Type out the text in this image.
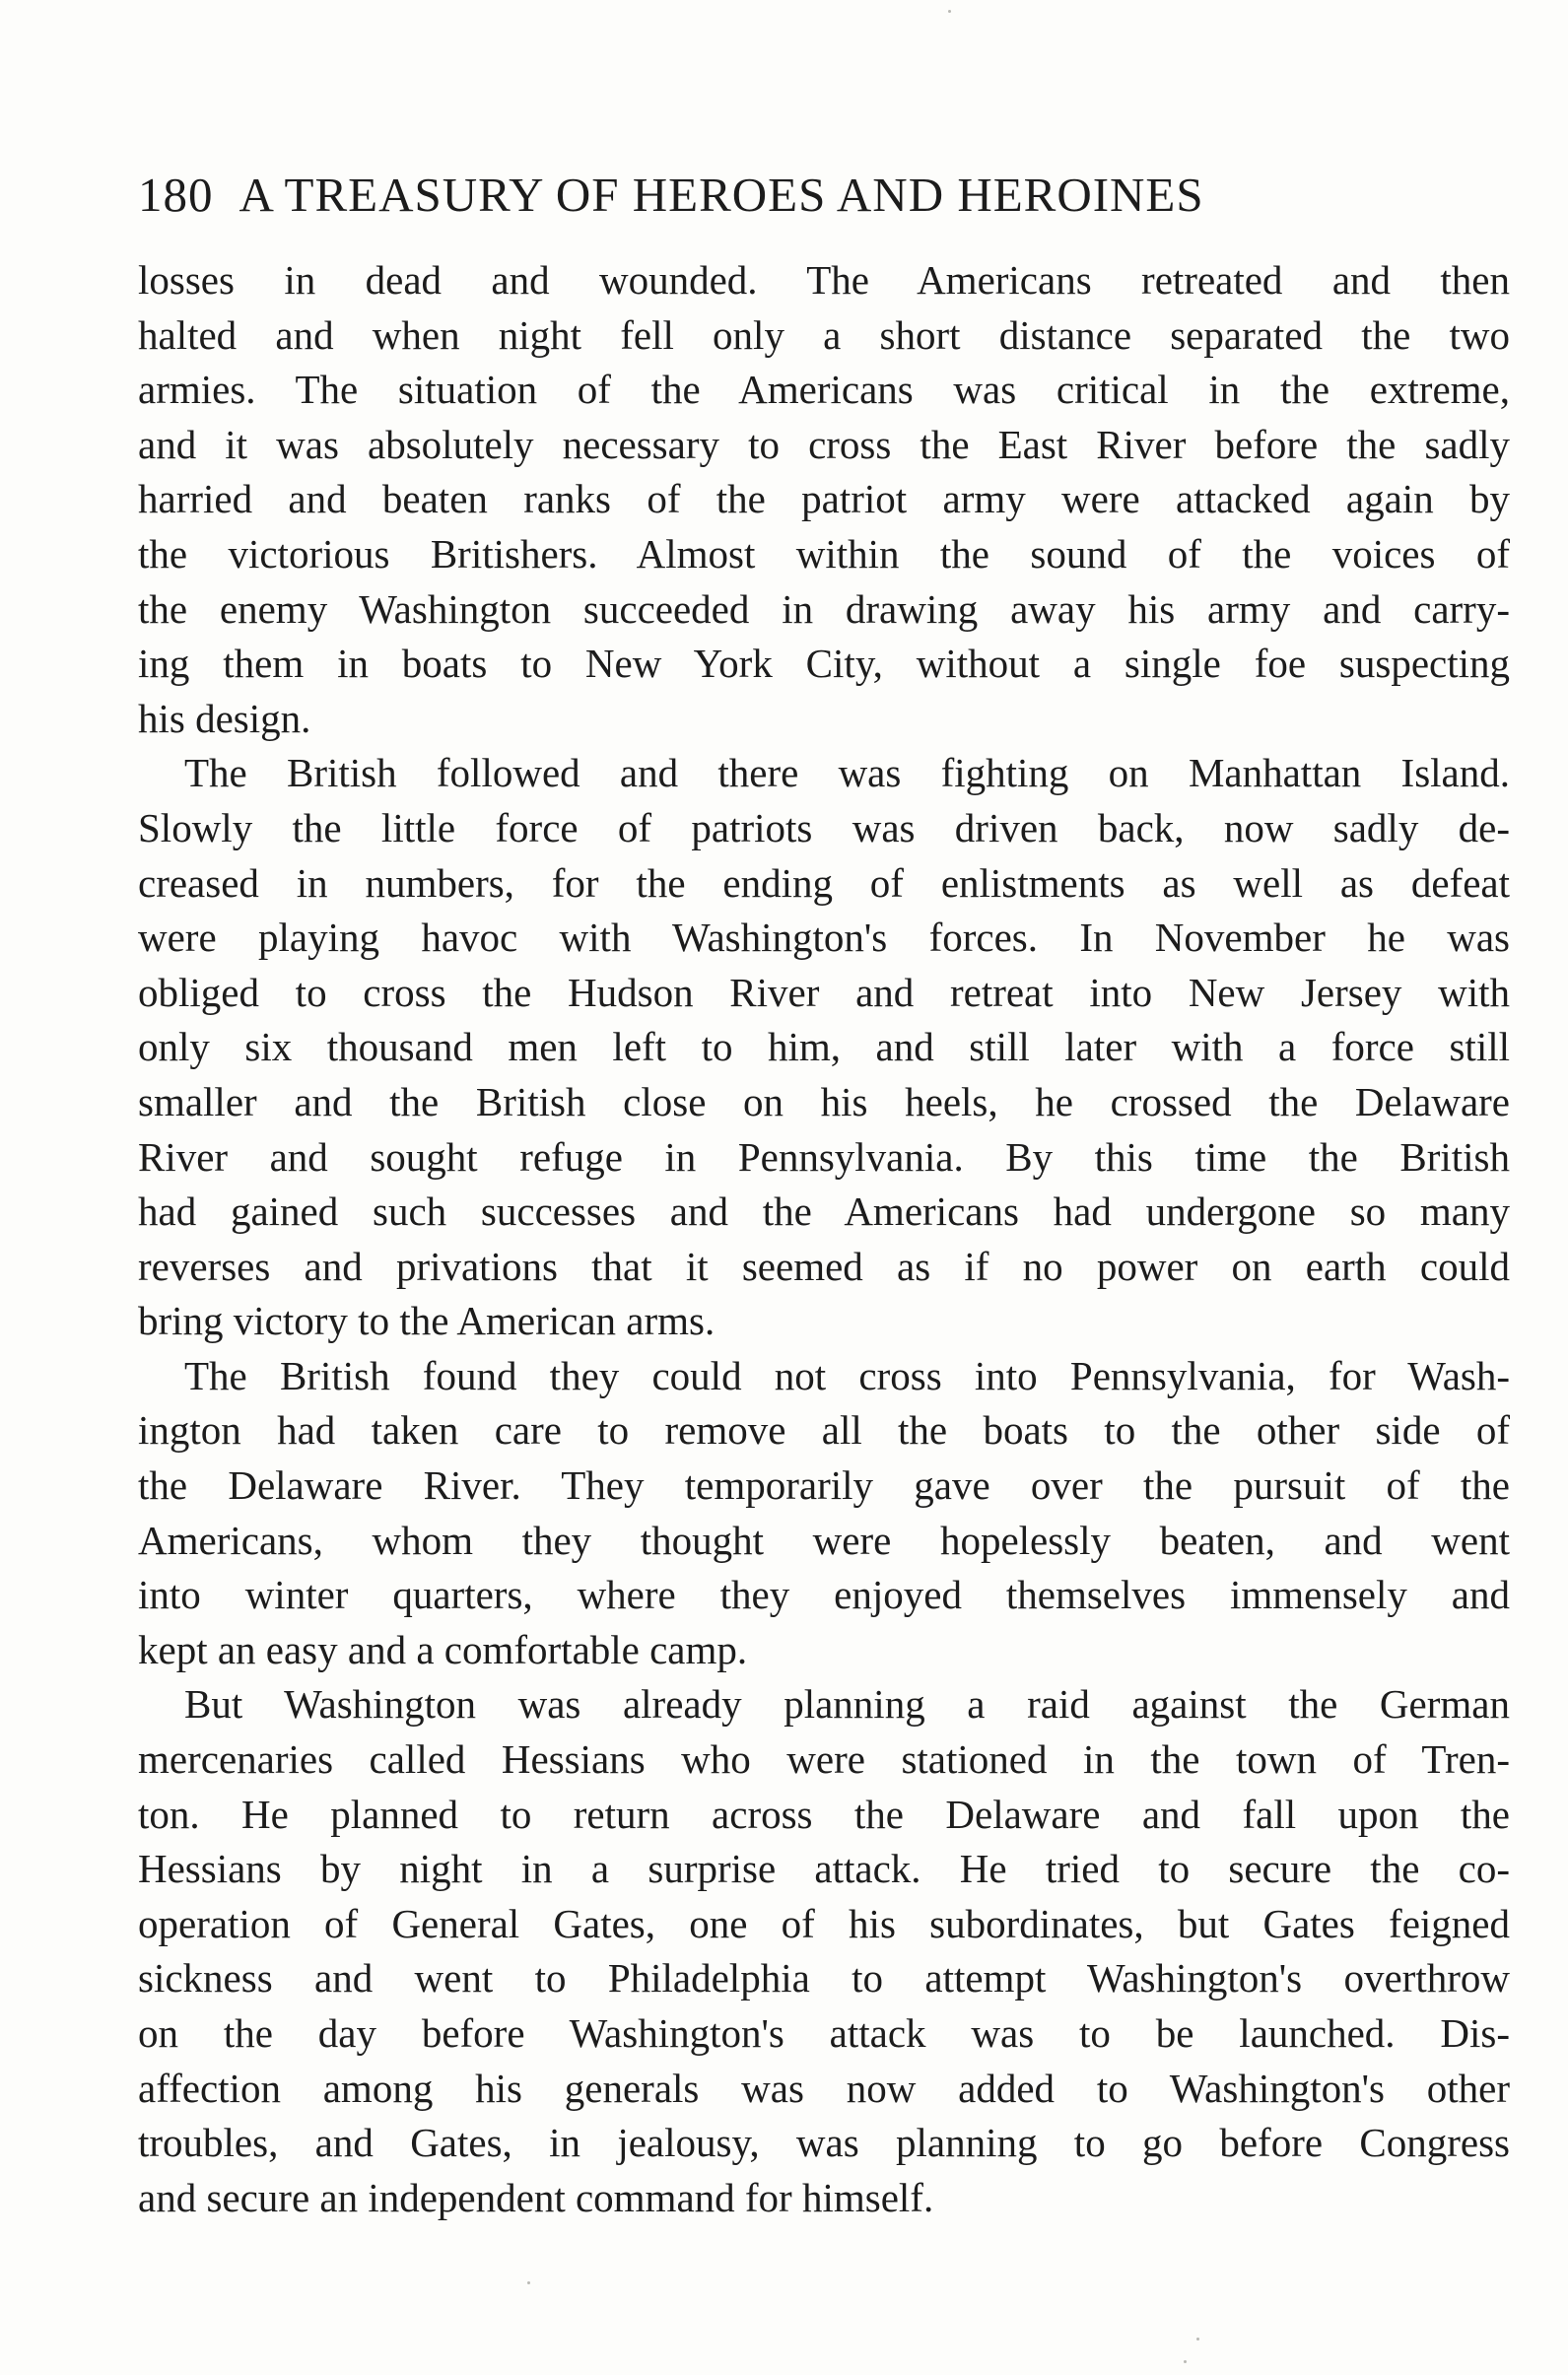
180 A TREASURY OF HEROES AND HEROINES
losses in dead and wounded. The Americans retreated and then
halted and when night fell only a short distance separated the two
armies. The situation of the Americans was critical in the extreme,
and it was absolutely necessary to cross the East River before the sadly
harried and beaten ranks of the patriot army were attacked again by
the victorious Britishers. Almost within the sound of the voices of
the enemy Washington succeeded in drawing away his army and carry-
ing them in boats to New York City, without a single foe suspecting
his design.
The British followed and there was fighting on Manhattan Island.
Slowly the little force of patriots was driven back, now sadly de-
creased in numbers, for the ending of enlistments as well as defeat
were playing havoc with Washington's forces. In November he was
obliged to cross the Hudson River and retreat into New Jersey with
only six thousand men left to him, and still later with a force still
smaller and the British close on his heels, he crossed the Delaware
River and sought refuge in Pennsylvania. By this time the British
had gained such successes and the Americans had undergone so many
reverses and privations that it seemed as if no power on earth could
bring victory to the American arms.
The British found they could not cross into Pennsylvania, for Wash-
ington had taken care to remove all the boats to the other side of
the Delaware River. They temporarily gave over the pursuit of the
Americans, whom they thought were hopelessly beaten, and went
into winter quarters, where they enjoyed themselves immensely and
kept an easy and a comfortable camp.
But Washington was already planning a raid against the German
mercenaries called Hessians who were stationed in the town of Tren-
ton. He planned to return across the Delaware and fall upon the
Hessians by night in a surprise attack. He tried to secure the co-
operation of General Gates, one of his subordinates, but Gates feigned
sickness and went to Philadelphia to attempt Washington's overthrow
on the day before Washington's attack was to be launched. Dis-
affection among his generals was now added to Washington's other
troubles, and Gates, in jealousy, was planning to go before Congress
and secure an independent command for himself.
